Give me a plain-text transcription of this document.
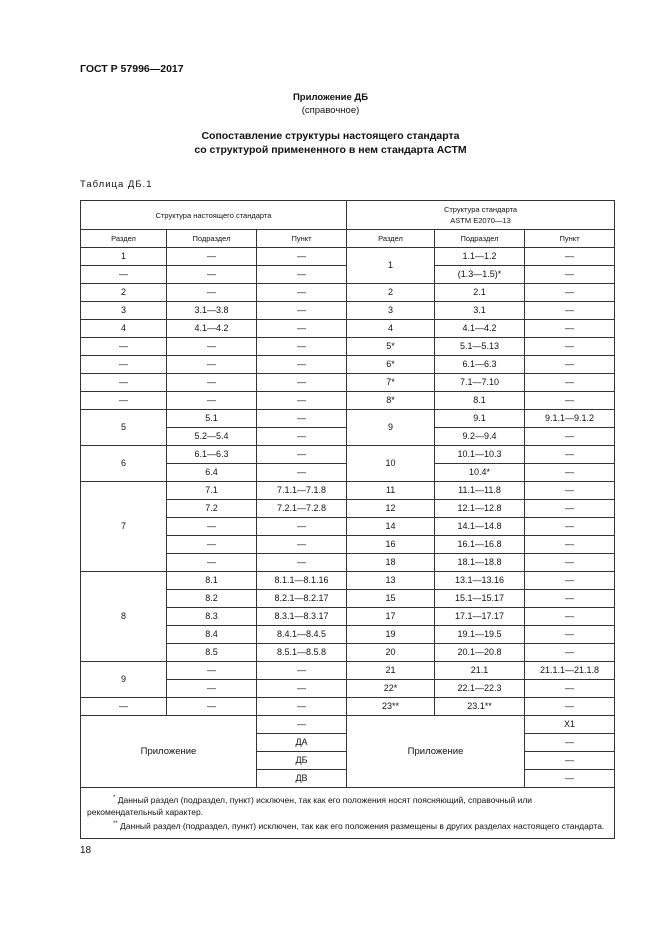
ГОСТ Р 57996—2017
Приложение ДБ
(справочное)
Сопоставление структуры настоящего стандарта
со структурой примененного в нем стандарта АСТМ
Таблица ДБ.1
Структура настоящего стандарта			Структура стандарта
ASTM E2070—13		
Раздел	Подраздел	Пункт	Раздел	Подраздел	Пункт
1	—	—	1	1.1—1.2	—
—	—	—		(1.3—1.5)*	—
2	—	—	2	2.1	—
3	3.1—3.8	—	3	3.1	—
4	4.1—4.2	—	4	4.1—4.2	—
—	—	—	5*	5.1—5.13	—
—	—	—	6*	6.1—6.3	—
—	—	—	7*	7.1—7.10	—
—	—	—	8*	8.1	—
5	5.1	—	9	9.1	9.1.1—9.1.2
	5.2—5.4	—		9.2—9.4	—
6	6.1—6.3	—	10	10.1—10.3	—
	6.4	—		10.4*	—
7	7.1	7.1.1—7.1.8	11	11.1—11.8	—
	7.2	7.2.1—7.2.8	12	12.1—12.8	—
	—	—	14	14.1—14.8	—
	—	—	16	16.1—16.8	—
	—	—	18	18.1—18.8	—
8	8.1	8.1.1—8.1.16	13	13.1—13.16	—
	8.2	8.2.1—8.2.17	15	15.1—15.17	—
	8.3	8.3.1—8.3.17	17	17.1—17.17	—
	8.4	8.4.1—8.4.5	19	19.1—19.5	—
	8.5	8.5.1—8.5.8	20	20.1—20.8	—
9	—	—	21	21.1	21.1.1—21.1.8
	—	—	22*	22.1—22.3	—
—	—	—	23**	23.1**	—
Приложение		—	Приложение		Х1
		ДА			—
		ДБ			—
		ДВ			—

* Данный раздел (подраздел, пункт) исключен, так как его положения носят поясняющий, справочный или рекомендательный характер.

** Данный раздел (подраздел, пункт) исключен, так как его положения размещены в других разделах настоящего стандарта.					

18
